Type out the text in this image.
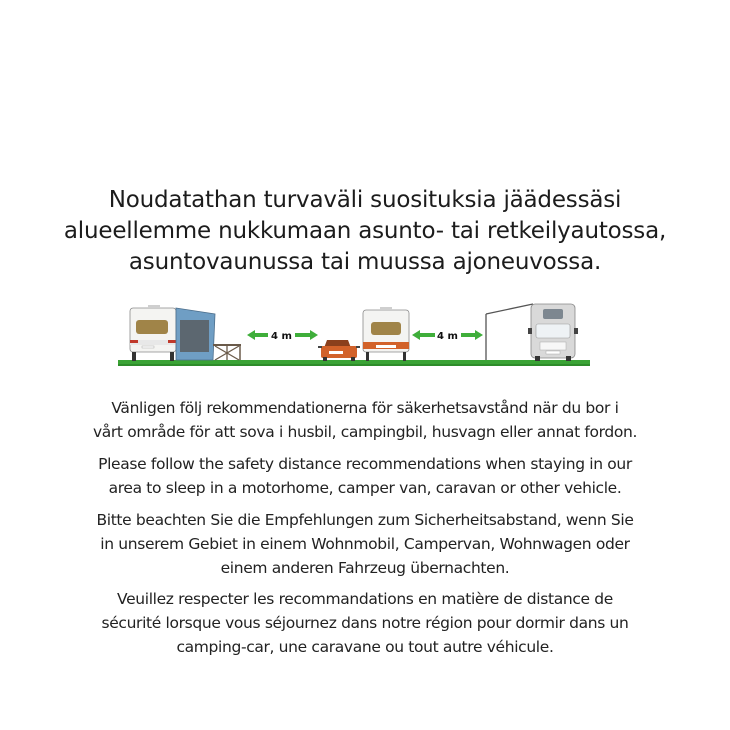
Noudatathan turvaväli suosituksia jäädessäsi
alueellemme nukkumaan asunto- tai retkeilyautossa,
asuntovaunussa tai muussa ajoneuvossa.
4 m	4 m
Vänligen följ rekommendationerna för säkerhetsavstånd när du bor i
vårt område för att sova i husbil, campingbil, husvagn eller annat fordon.
Please follow the safety distance recommendations when staying in our
area to sleep in a motorhome, camper van, caravan or other vehicle.
Bitte beachten Sie die Empfehlungen zum Sicherheitsabstand, wenn Sie
in unserem Gebiet in einem Wohnmobil, Campervan, Wohnwagen oder
einem anderen Fahrzeug übernachten.
Veuillez respecter les recommandations en matière de distance de
sécurité lorsque vous séjournez dans notre région pour dormir dans un
camping-car, une caravane ou tout autre véhicule.
